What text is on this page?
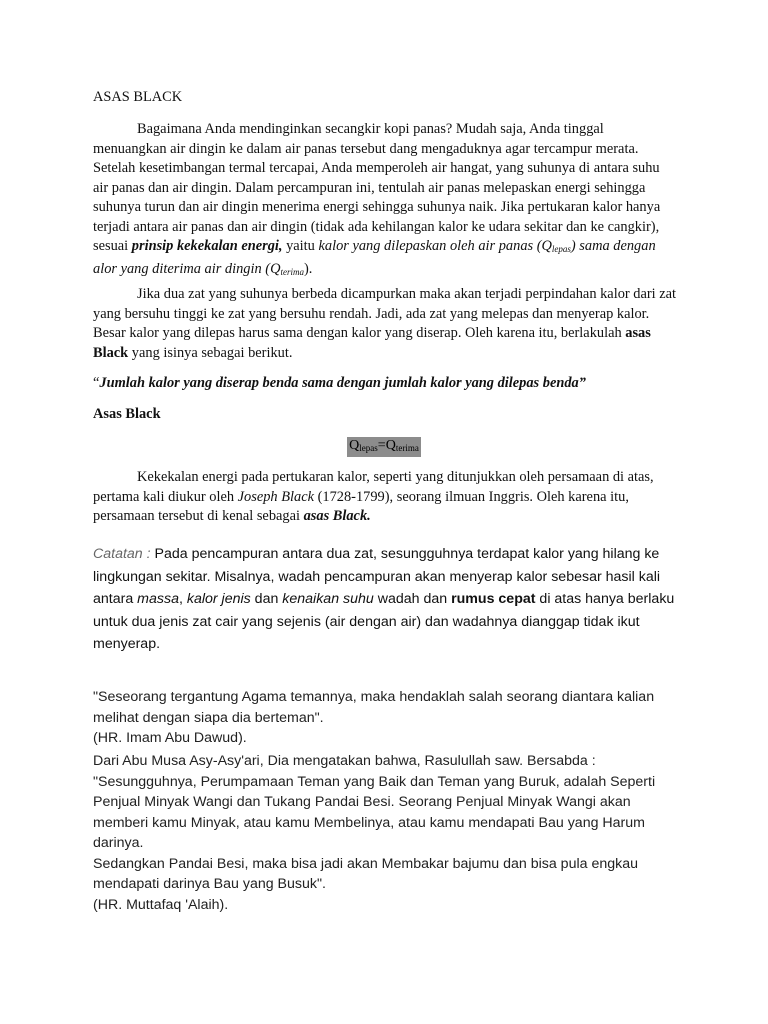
ASAS BLACK

Bagaimana Anda mendinginkan secangkir kopi panas? Mudah saja, Anda tinggal menuangkan air dingin ke dalam air panas tersebut dang mengaduknya agar tercampur merata. Setelah kesetimbangan termal tercapai, Anda memperoleh air hangat, yang suhunya di antara suhu air panas dan air dingin. Dalam percampuran ini, tentulah air panas melepaskan energi sehingga suhunya turun dan air dingin menerima energi sehingga suhunya naik. Jika pertukaran kalor hanya terjadi antara air panas dan air dingin (tidak ada kehilangan kalor ke udara sekitar dan ke cangkir), sesuai prinsip kekekalan energi, yaitu kalor yang dilepaskan oleh air panas (Qlepas) sama dengan alor yang diterima air dingin (Qterima).

Jika dua zat yang suhunya berbeda dicampurkan maka akan terjadi perpindahan kalor dari zat yang bersuhu tinggi ke zat yang bersuhu rendah. Jadi, ada zat yang melepas dan menyerap kalor. Besar kalor yang dilepas harus sama dengan kalor yang diserap. Oleh karena itu, berlakulah asas Black yang isinya sebagai berikut.

“Jumlah kalor yang diserap benda sama dengan jumlah kalor yang dilepas benda”

Asas Black

$Q_{lepas}=Q_{terima}$

Kekekalan energi pada pertukaran kalor, seperti yang ditunjukkan oleh persamaan di atas, pertama kali diukur oleh Joseph Black (1728-1799), seorang ilmuan Inggris. Oleh karena itu, persamaan tersebut di kenal sebagai asas Black.

Catatan : Pada pencampuran antara dua zat, sesungguhnya terdapat kalor yang hilang ke lingkungan sekitar. Misalnya, wadah pencampuran akan menyerap kalor sebesar hasil kali antara massa, kalor jenis dan kenaikan suhu wadah dan rumus cepat di atas hanya berlaku untuk dua jenis zat cair yang sejenis (air dengan air) dan wadahnya dianggap tidak ikut menyerap.

"Seseorang tergantung Agama temannya, maka hendaklah salah seorang diantara kalian melihat dengan siapa dia berteman".
(HR. Imam Abu Dawud).
Dari Abu Musa Asy-Asy'ari, Dia mengatakan bahwa, Rasulullah saw. Bersabda :
"Sesungguhnya, Perumpamaan Teman yang Baik dan Teman yang Buruk, adalah Seperti Penjual Minyak Wangi dan Tukang Pandai Besi. Seorang Penjual Minyak Wangi akan memberi kamu Minyak, atau kamu Membelinya, atau kamu mendapati Bau yang Harum darinya.
Sedangkan Pandai Besi, maka bisa jadi akan Membakar bajumu dan bisa pula engkau mendapati darinya Bau yang Busuk".
(HR. Muttafaq 'Alaih).
